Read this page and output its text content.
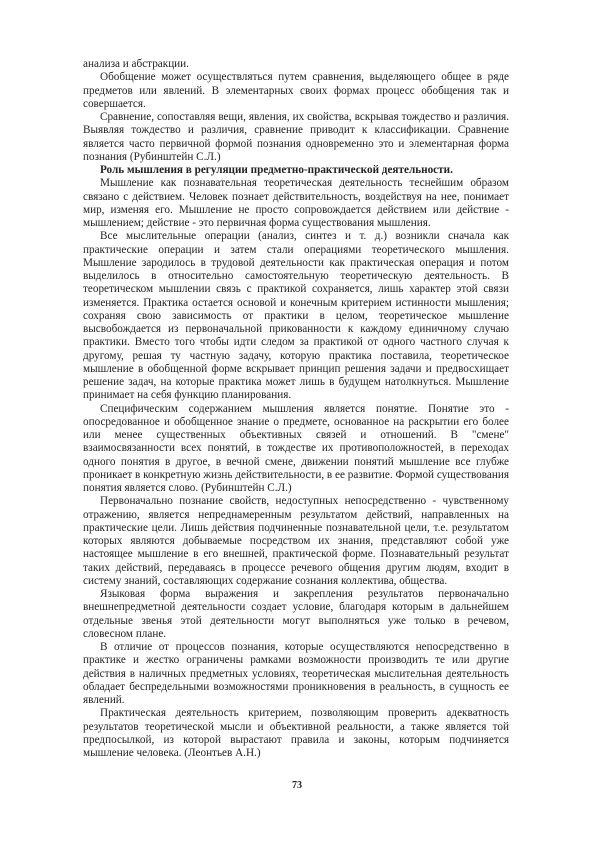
анализа и абстракции.

Обобщение может осуществляться путем сравнения, выделяющего общее в ряде предметов или явлений. В элементарных своих формах процесс обобщения так и совершается.

Сравнение, сопоставляя вещи, явления, их свойства, вскрывая тождество и различия. Выявляя тождество и различия, сравнение приводит к классификации. Сравнение является часто первичной формой познания одновременно это и элементарная форма познания (Рубинштейн С.Л.)

Роль мышления в регуляции предметно-практической деятельности.

Мышление как познавательная теоретическая деятельность теснейшим образом связано с действием. Человек познает действительность, воздействуя на нее, понимает мир, изменяя его. Мышление не просто сопровождается действием или действие - мышлением; действие - это первичная форма существования мышления.

Все мыслительные операции (анализ, синтез и т. д.) возникли сначала как практические операции и затем стали операциями теоретического мышления. Мышление зародилось в трудовой деятельности как практическая операция и потом выделилось в относительно самостоятельную теоретическую деятельность. В теоретическом мышлении связь с практикой сохраняется, лишь характер этой связи изменяется. Практика остается основой и конечным критерием истинности мышления; сохраняя свою зависимость от практики в целом, теоретическое мышление высвобождается из первоначальной прикованности к каждому единичному случаю практики. Вместо того чтобы идти следом за практикой от одного частного случая к другому, решая ту частную задачу, которую практика поставила, теоретическое мышление в обобщенной форме вскрывает принцип решения задачи и предвосхищает решение задач, на которые практика может лишь в будущем натолкнуться. Мышление принимает на себя функцию планирования.

Специфическим содержанием мышления является понятие. Понятие это - опосредованное и обобщенное знание о предмете, основанное на раскрытии его более или менее существенных объективных связей и отношений. В "смене" взаимосвязанности всех понятий, в тождестве их противоположностей, в переходах одного понятия в другое, в вечной смене, движении понятий мышление все глубже проникает в конкретную жизнь действительности, в ее развитие. Формой существования понятия является слово. (Рубинштейн С.Л.)

Первоначально познание свойств, недоступных непосредственно - чувственному отражению, является непреднамеренным результатом действий, направленных на практические цели. Лишь действия подчиненные познавательной цели, т.е. результатом которых являются добываемые посредством их знания, представляют собой уже настоящее мышление в его внешней, практической форме. Познавательный результат таких действий, передаваясь в процессе речевого общения другим людям, входит в систему знаний, составляющих содержание сознания коллектива, общества.

Языковая форма выражения и закрепления результатов первоначально внешнепредметной деятельности создает условие, благодаря которым в дальнейшем отдельные звенья этой деятельности могут выполняться уже только в речевом, словесном плане.

В отличие от процессов познания, которые осуществляются непосредственно в практике и жестко ограничены рамками возможности производить те или другие действия в наличных предметных условиях, теоретическая мыслительная деятельность обладает беспредельными возможностями проникновения в реальность, в сущность ее явлений.

Практическая деятельность критерием, позволяющим проверить адекватность результатов теоретической мысли и объективной реальности, а также является той предпосылкой, из которой вырастают правила и законы, которым подчиняется мышление человека. (Леонтьев А.Н.)

73
